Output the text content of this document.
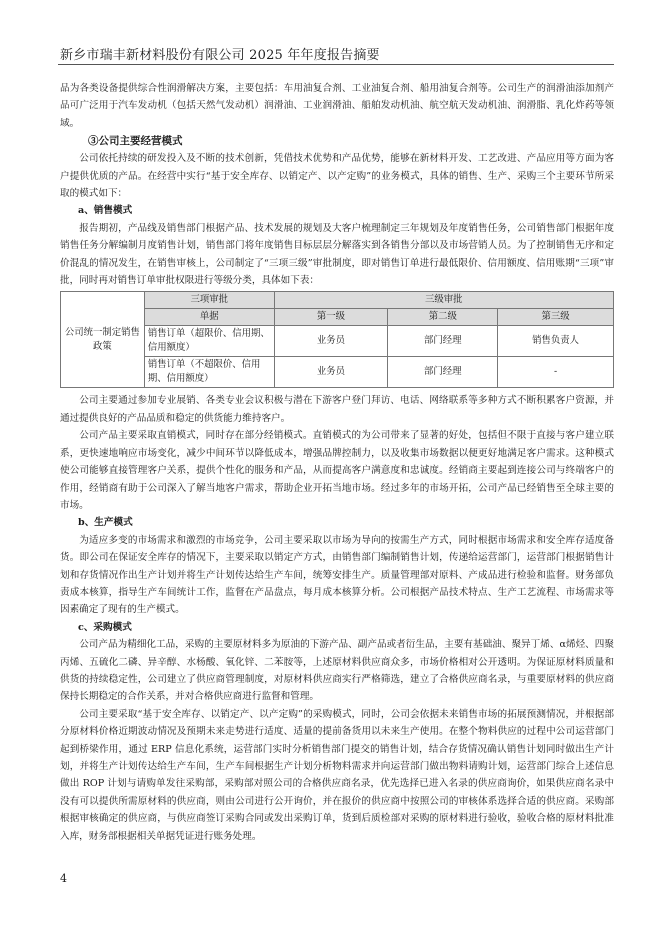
新乡市瑞丰新材料股份有限公司 2025 年年度报告摘要

品为各类设备提供综合性润滑解决方案，主要包括：车用油复合剂、工业油复合剂、船用油复合剂等。公司生产的润滑油添加剂产品可广泛用于汽车发动机（包括天然气发动机）润滑油、工业润滑油、船舶发动机油、航空航天发动机油、润滑脂、乳化炸药等领域。

③公司主要经营模式

公司依托持续的研发投入及不断的技术创新，凭借技术优势和产品优势，能够在新材料开发、工艺改进、产品应用等方面为客户提供优质的产品。在经营中实行“基于安全库存、以销定产、以产定购”的业务模式，具体的销售、生产、采购三个主要环节所采取的模式如下：

a、销售模式

报告期初，产品线及销售部门根据产品、技术发展的规划及大客户梳理制定三年规划及年度销售任务，公司销售部门根据年度销售任务分解编制月度销售计划，销售部门将年度销售目标层层分解落实到各销售分部以及市场营销人员。为了控制销售无序和定价混乱的情况发生，在销售审核上，公司制定了“三项三级”审批制度，即对销售订单进行最低限价、信用额度、信用账期“三项”审批，同时再对销售订单审批权限进行等级分类，具体如下表：

公司统一制定销售政策	三项审批	三级审批		
	单据	第一级	第二级	第三级
	销售订单（超限价、信用期、信用额度）	业务员	部门经理	销售负责人
	销售订单（不超限价、信用期、信用额度）	业务员	部门经理	-

公司主要通过参加专业展销、各类专业会议积极与潜在下游客户登门拜访、电话、网络联系等多种方式不断积累客户资源，并通过提供良好的产品品质和稳定的供货能力维持客户。

公司产品主要采取直销模式，同时存在部分经销模式。直销模式的为公司带来了显著的好处，包括但不限于直接与客户建立联系，更快速地响应市场变化，减少中间环节以降低成本，增强品牌控制力，以及收集市场数据以便更好地满足客户需求。这种模式使公司能够直接管理客户关系，提供个性化的服务和产品，从而提高客户满意度和忠诚度。经销商主要起到连接公司与终端客户的作用，经销商有助于公司深入了解当地客户需求，帮助企业开拓当地市场。经过多年的市场开拓，公司产品已经销售至全球主要的市场。

b、生产模式

为适应多变的市场需求和激烈的市场竞争，公司主要采取以市场为导向的按需生产方式，同时根据市场需求和安全库存适度备货。即公司在保证安全库存的情况下，主要采取以销定产方式，由销售部门编制销售计划，传递给运营部门，运营部门根据销售计划和存货情况作出生产计划并将生产计划传达给生产车间，统筹安排生产。质量管理部对原料、产成品进行检验和监督。财务部负责成本核算，指导生产车间统计工作，监督在产品盘点，每月成本核算分析。公司根据产品技术特点、生产工艺流程、市场需求等因素确定了现有的生产模式。

c、采购模式

公司产品为精细化工品，采购的主要原材料多为原油的下游产品、副产品或者衍生品，主要有基础油、聚异丁烯、α烯烃、四聚丙烯、五硫化二磷、异辛醇、水杨酸、氧化锌、二苯胺等，上述原材料供应商众多，市场价格相对公开透明。为保证原材料质量和供货的持续稳定性，公司建立了供应商管理制度，对原材料供应商实行严格筛选，建立了合格供应商名录，与重要原材料的供应商保持长期稳定的合作关系，并对合格供应商进行监督和管理。

公司主要采取“基于安全库存、以销定产、以产定购”的采购模式，同时，公司会依据未来销售市场的拓展预测情况，并根据部分原材料价格近期波动情况及预期未来走势进行适度、适量的提前备货用以未来生产使用。在整个物料供应的过程中公司运营部门起到桥梁作用，通过 ERP 信息化系统，运营部门实时分析销售部门提交的销售计划，结合存货情况确认销售计划同时做出生产计划，并将生产计划传达给生产车间，生产车间根据生产计划分析物料需求并向运营部门做出物料请购计划，运营部门综合上述信息做出 ROP 计划与请购单发往采购部，采购部对照公司的合格供应商名录，优先选择已进入名录的供应商询价，如果供应商名录中没有可以提供所需原材料的供应商，则由公司进行公开询价，并在报价的供应商中按照公司的审核体系选择合适的供应商。采购部根据审核确定的供应商，与供应商签订采购合同或发出采购订单，货到后质检部对采购的原材料进行验收，验收合格的原材料批准入库，财务部根据相关单据凭证进行账务处理。

4
